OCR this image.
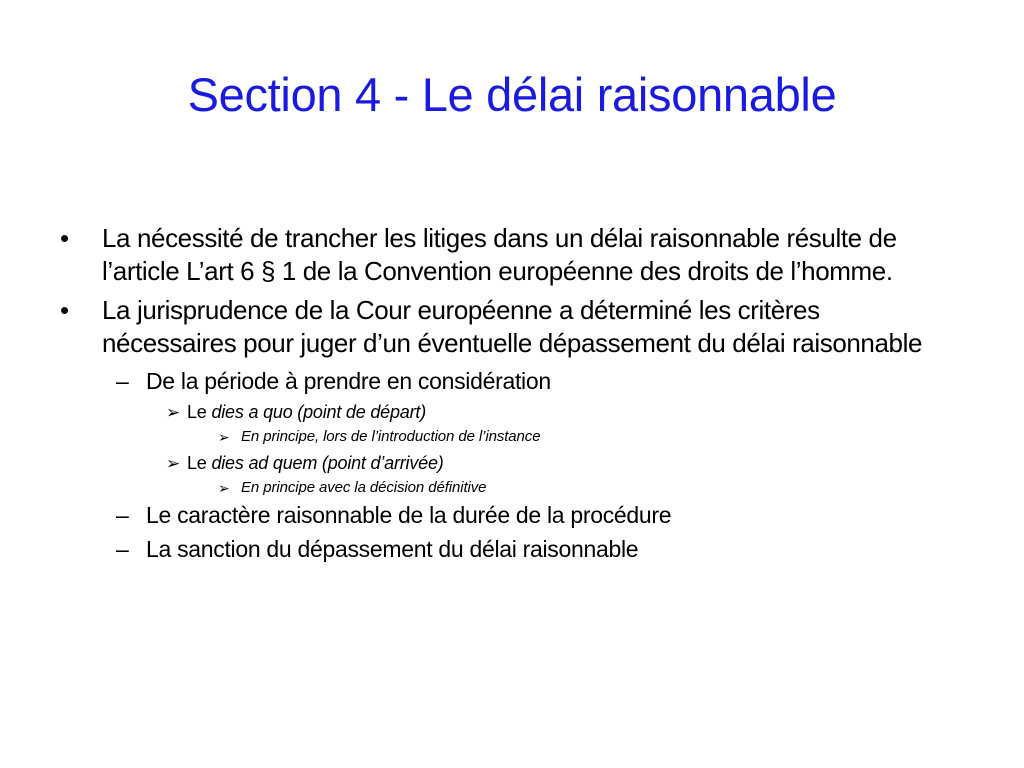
Section 4 - Le délai raisonnable
• La nécessité de trancher les litiges dans un délai raisonnable résulte de l’article L’art 6 § 1 de la Convention européenne des droits de l’homme.
• La jurisprudence de la Cour européenne a déterminé les critères nécessaires pour juger d’un éventuelle dépassement du délai raisonnable
– De la période à prendre en considération
➢ Le dies a quo (point de départ)
➢ En principe, lors de l’introduction de l’instance
➢ Le dies ad quem (point d’arrivée)
➢ En principe avec la décision définitive
– Le caractère raisonnable de la durée de la procédure
– La sanction du dépassement du délai raisonnable
